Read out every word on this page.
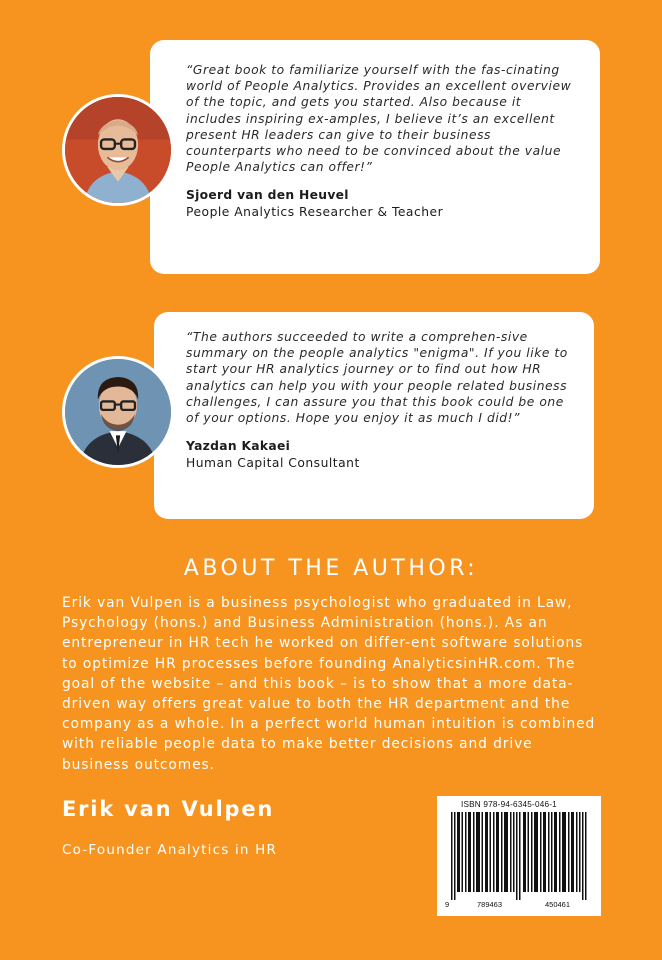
“Great book to familiarize yourself with the fas-cinating world of People Analytics. Provides an excellent overview of the topic, and gets you started. Also because it includes inspiring ex-amples, I believe it’s an excellent present HR leaders can give to their business counterparts who need to be convinced about the value People Analytics can offer!”

Sjoerd van den Heuvel
People Analytics Researcher & Teacher

“The authors succeeded to write a comprehen-sive summary on the people analytics "enigma". If you like to start your HR analytics journey or to find out how HR analytics can help you with your people related business challenges, I can assure you that this book could be one of your options. Hope you enjoy it as much I did!”

Yazdan Kakaei
Human Capital Consultant
ABOUT THE AUTHOR:

Erik van Vulpen is a business psychologist who graduated in Law, Psychology (hons.) and Business Administration (hons.). As an entrepreneur in HR tech he worked on differ-ent software solutions to optimize HR processes before founding AnalyticsinHR.com. The goal of the website – and this book – is to show that a more data-driven way offers great value to both the HR department and the company as a whole. In a perfect world human intuition is combined with reliable people data to make better decisions and drive business outcomes.

Erik van Vulpen
Co-Founder Analytics in HR
ISBN 978-94-6345-046-1
9	789463	450461
